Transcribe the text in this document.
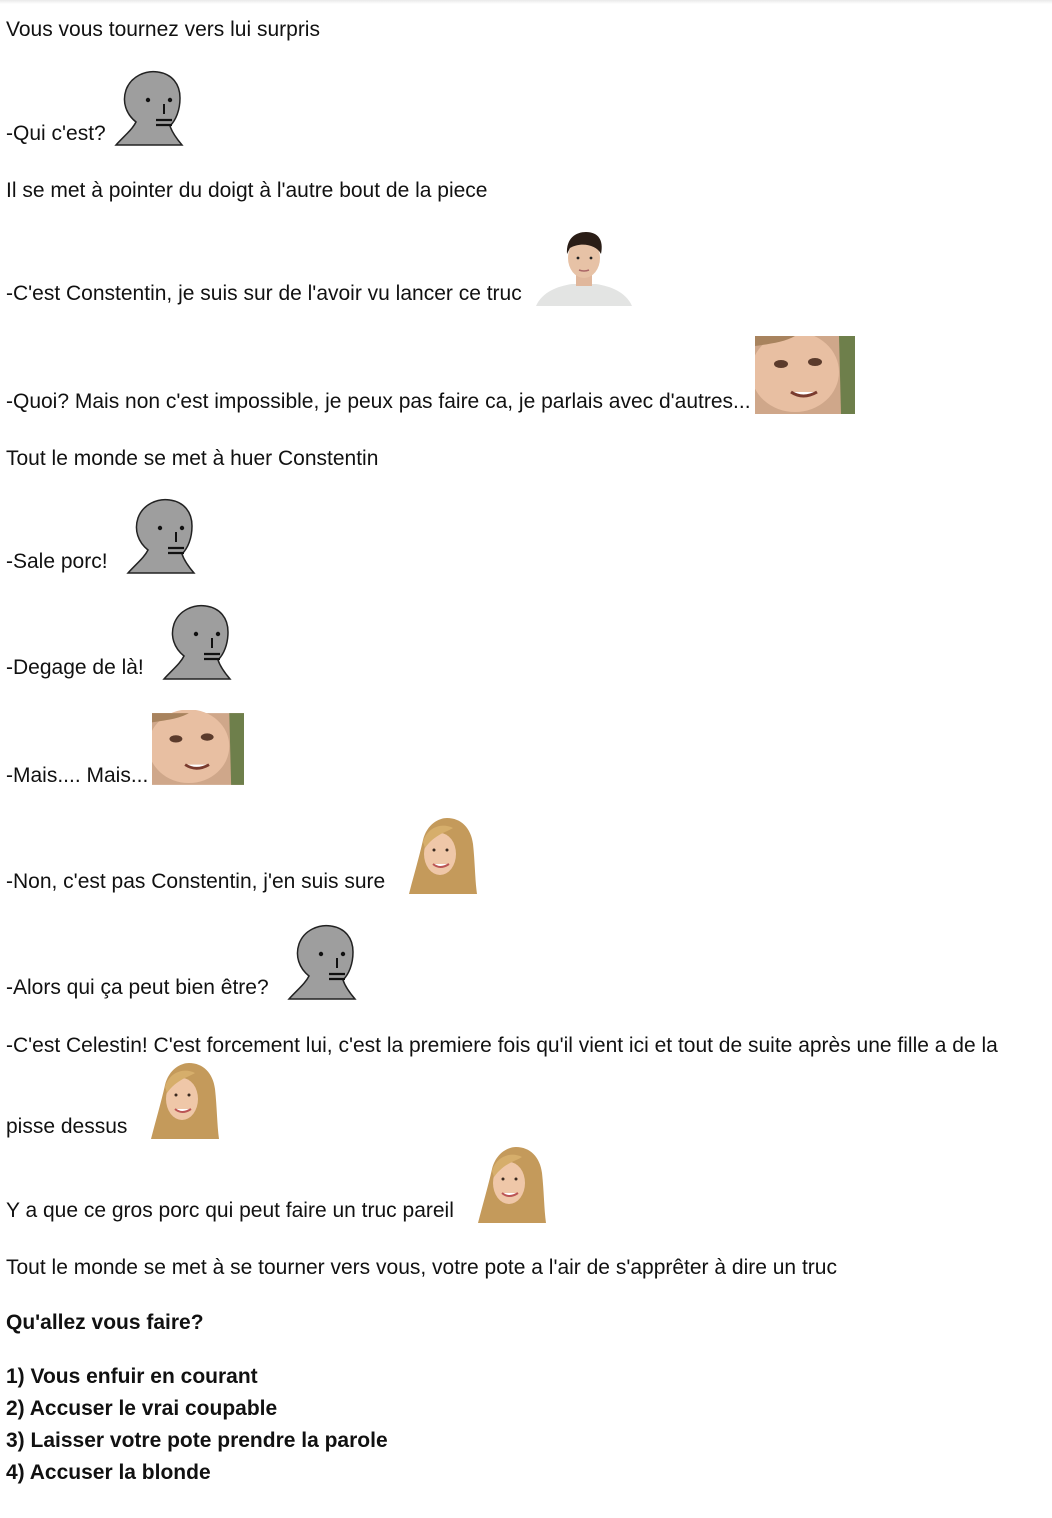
Vous vous tournez vers lui surpris
-Qui c'est?
Il se met à pointer du doigt à l'autre bout de la piece
-C'est Constentin, je suis sur de l'avoir vu lancer ce truc
-Quoi? Mais non c'est impossible, je peux pas faire ca, je parlais avec d'autres...
Tout le monde se met à huer Constentin
-Sale porc!
-Degage de là!
-Mais.... Mais...
-Non, c'est pas Constentin, j'en suis sure
-Alors qui ça peut bien être?
-C'est Celestin! C'est forcement lui, c'est la premiere fois qu'il vient ici et tout de suite après une fille a de la
pisse dessus
Y a que ce gros porc qui peut faire un truc pareil
Tout le monde se met à se tourner vers vous, votre pote a l'air de s'apprêter à dire un truc
Qu'allez vous faire?
1) Vous enfuir en courant
2) Accuser le vrai coupable
3) Laisser votre pote prendre la parole
4) Accuser la blonde
